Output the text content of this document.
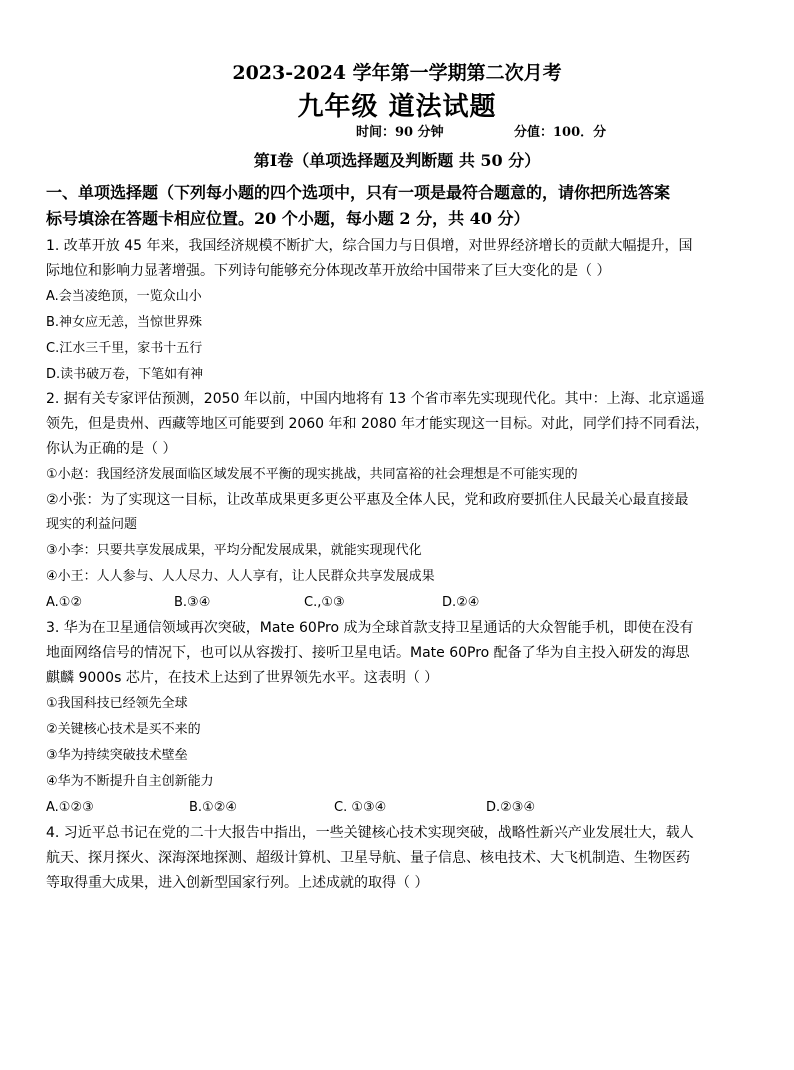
2023-2024 学年第一学期第二次月考
九年级 道法试题
时间：90 分钟	分值：100．分
第Ⅰ卷（单项选择题及判断题 共 50 分）
一、单项选择题（下列每小题的四个选项中，只有一项是最符合题意的，请你把所选答案
标号填涂在答题卡相应位置。20 个小题，每小题 2 分，共 40 分）
1. 改革开放 45 年来，我国经济规模不断扩大，综合国力与日俱增，对世界经济增长的贡献大幅提升，国
际地位和影响力显著增强。下列诗句能够充分体现改革开放给中国带来了巨大变化的是（ ）
A.会当凌绝顶，一览众山小
B.神女应无恙，当惊世界殊
C.江水三千里，家书十五行
D.读书破万卷，下笔如有神
2. 据有关专家评估预测，2050 年以前，中国内地将有 13 个省市率先实现现代化。其中：上海、北京遥遥
领先，但是贵州、西藏等地区可能要到 2060 年和 2080 年才能实现这一目标。对此，同学们持不同看法，
你认为正确的是（ ）
①小赵：我国经济发展面临区域发展不平衡的现实挑战，共同富裕的社会理想是不可能实现的
②小张：为了实现这一目标，让改革成果更多更公平惠及全体人民，党和政府要抓住人民最关心最直接最
现实的利益问题
③小李：只要共享发展成果，平均分配发展成果，就能实现现代化
④小王：人人参与、人人尽力、人人享有，让人民群众共享发展成果
A.①②	B.③④	C.,①③	D.②④
3. 华为在卫星通信领域再次突破，Mate 60Pro 成为全球首款支持卫星通话的大众智能手机，即使在没有
地面网络信号的情况下，也可以从容拨打、接听卫星电话。Mate 60Pro 配备了华为自主投入研发的海思
麒麟 9000s 芯片，在技术上达到了世界领先水平。这表明（ ）
①我国科技已经领先全球
②关键核心技术是买不来的
③华为持续突破技术壁垒
④华为不断提升自主创新能力
A.①②③	B.①②④	C. ①③④	D.②③④
4. 习近平总书记在党的二十大报告中指出，一些关键核心技术实现突破，战略性新兴产业发展壮大，载人
航天、探月探火、深海深地探测、超级计算机、卫星导航、量子信息、核电技术、大飞机制造、生物医药
等取得重大成果，进入创新型国家行列。上述成就的取得（ ）
